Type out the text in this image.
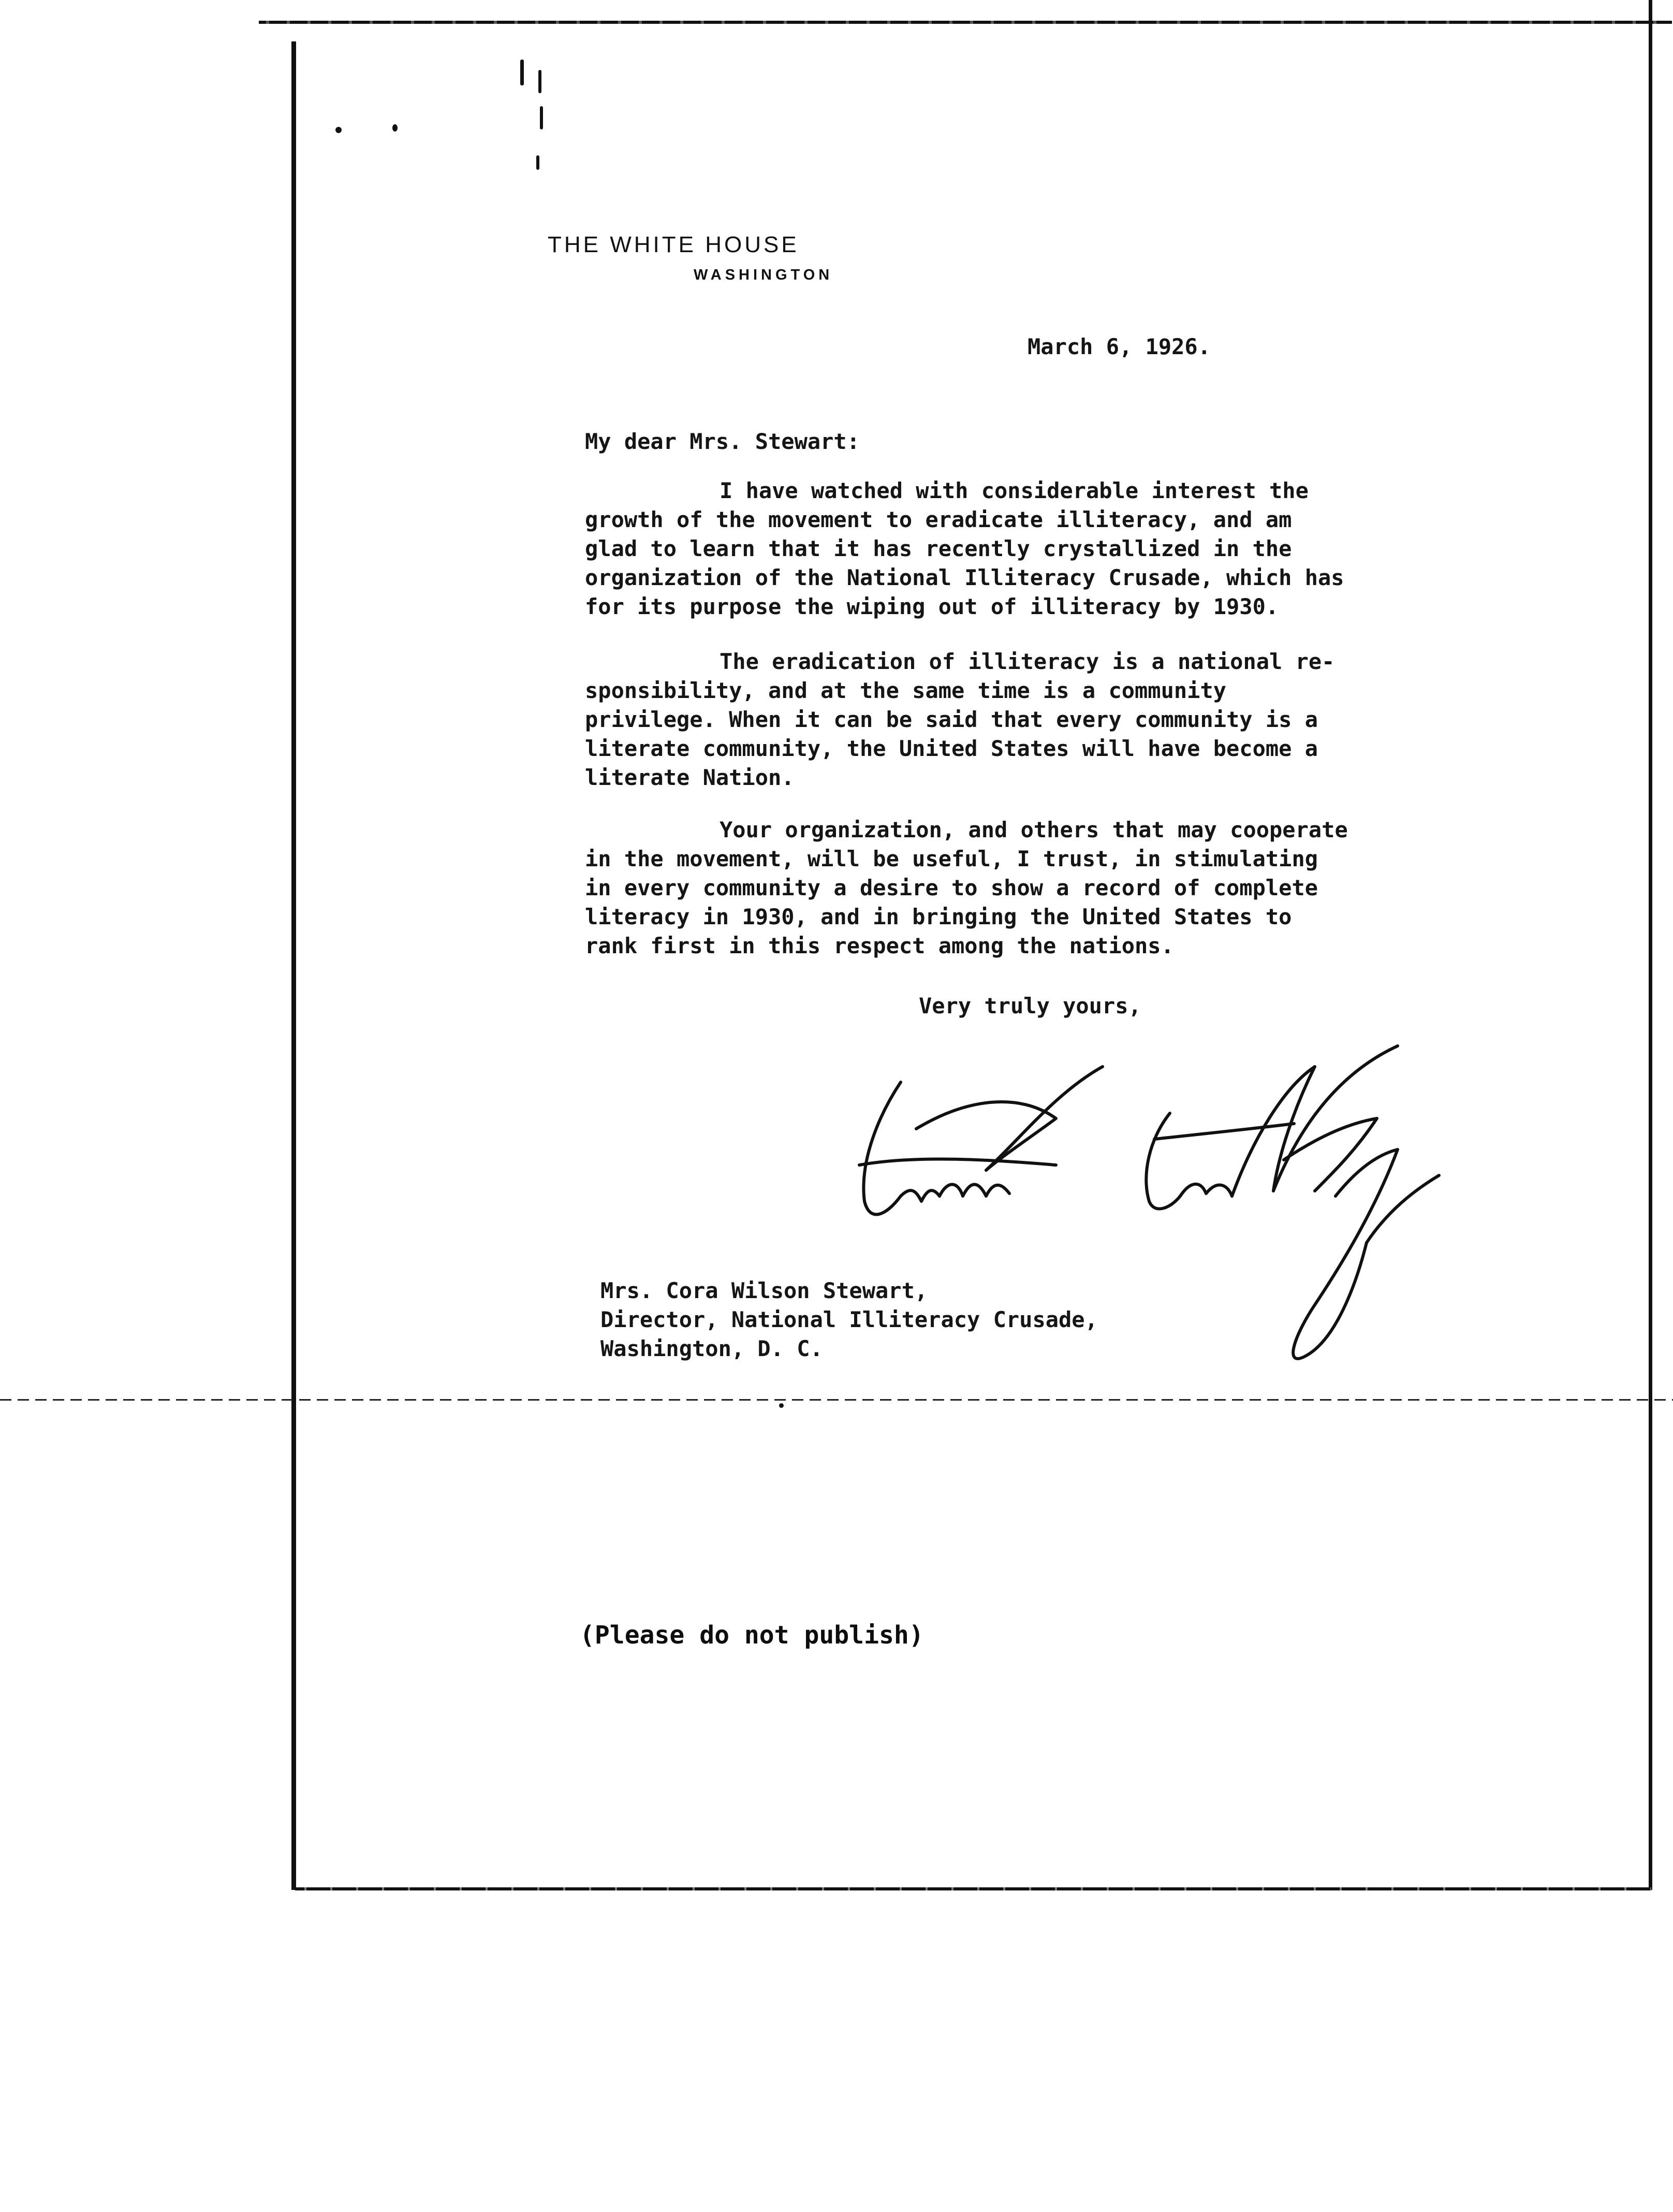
THE WHITE HOUSE
WASHINGTON
March 6, 1926.
My dear Mrs. Stewart:
I have watched with considerable interest the
growth of the movement to eradicate illiteracy, and am
glad to learn that it has recently crystallized in the
organization of the National Illiteracy Crusade, which has
for its purpose the wiping out of illiteracy by 1930.
The eradication of illiteracy is a national re-
sponsibility, and at the same time is a community
privilege. When it can be said that every community is a
literate community, the United States will have become a
literate Nation.
Your organization, and others that may cooperate
in the movement, will be useful, I trust, in stimulating
in every community a desire to show a record of complete
literacy in 1930, and in bringing the United States to
rank first in this respect among the nations.
Very truly yours,
Mrs. Cora Wilson Stewart,
Director, National Illiteracy Crusade,
Washington, D. C.
(Please do not publish)
